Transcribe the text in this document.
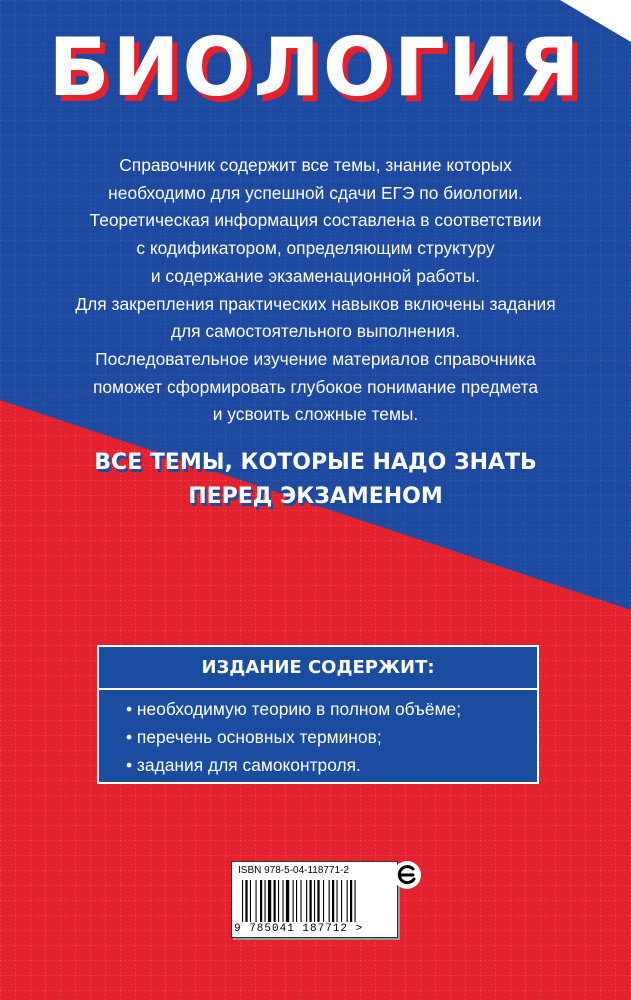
БИОЛОГИЯ

Справочник содержит все темы, знание которых

необходимо для успешной сдачи ЕГЭ по биологии.

Теоретическая информация составлена в соответствии

с кодификатором, определяющим структуру

и содержание экзаменационной работы.

Для закрепления практических навыков включены задания

для самостоятельного выполнения.

Последовательное изучение материалов справочника

поможет сформировать глубокое понимание предмета

и усвоить сложные темы.

ВСЕ ТЕМЫ, КОТОРЫЕ НАДО ЗНАТЬ
ПЕРЕД ЭКЗАМЕНОМ
ИЗДАНИЕ СОДЕРЖИТ:
• необходимую теорию в полном объёме;
• перечень основных терминов;
• задания для самоконтроля.
ISBN 978-5-04-118771-2
9 785041 187712 >
